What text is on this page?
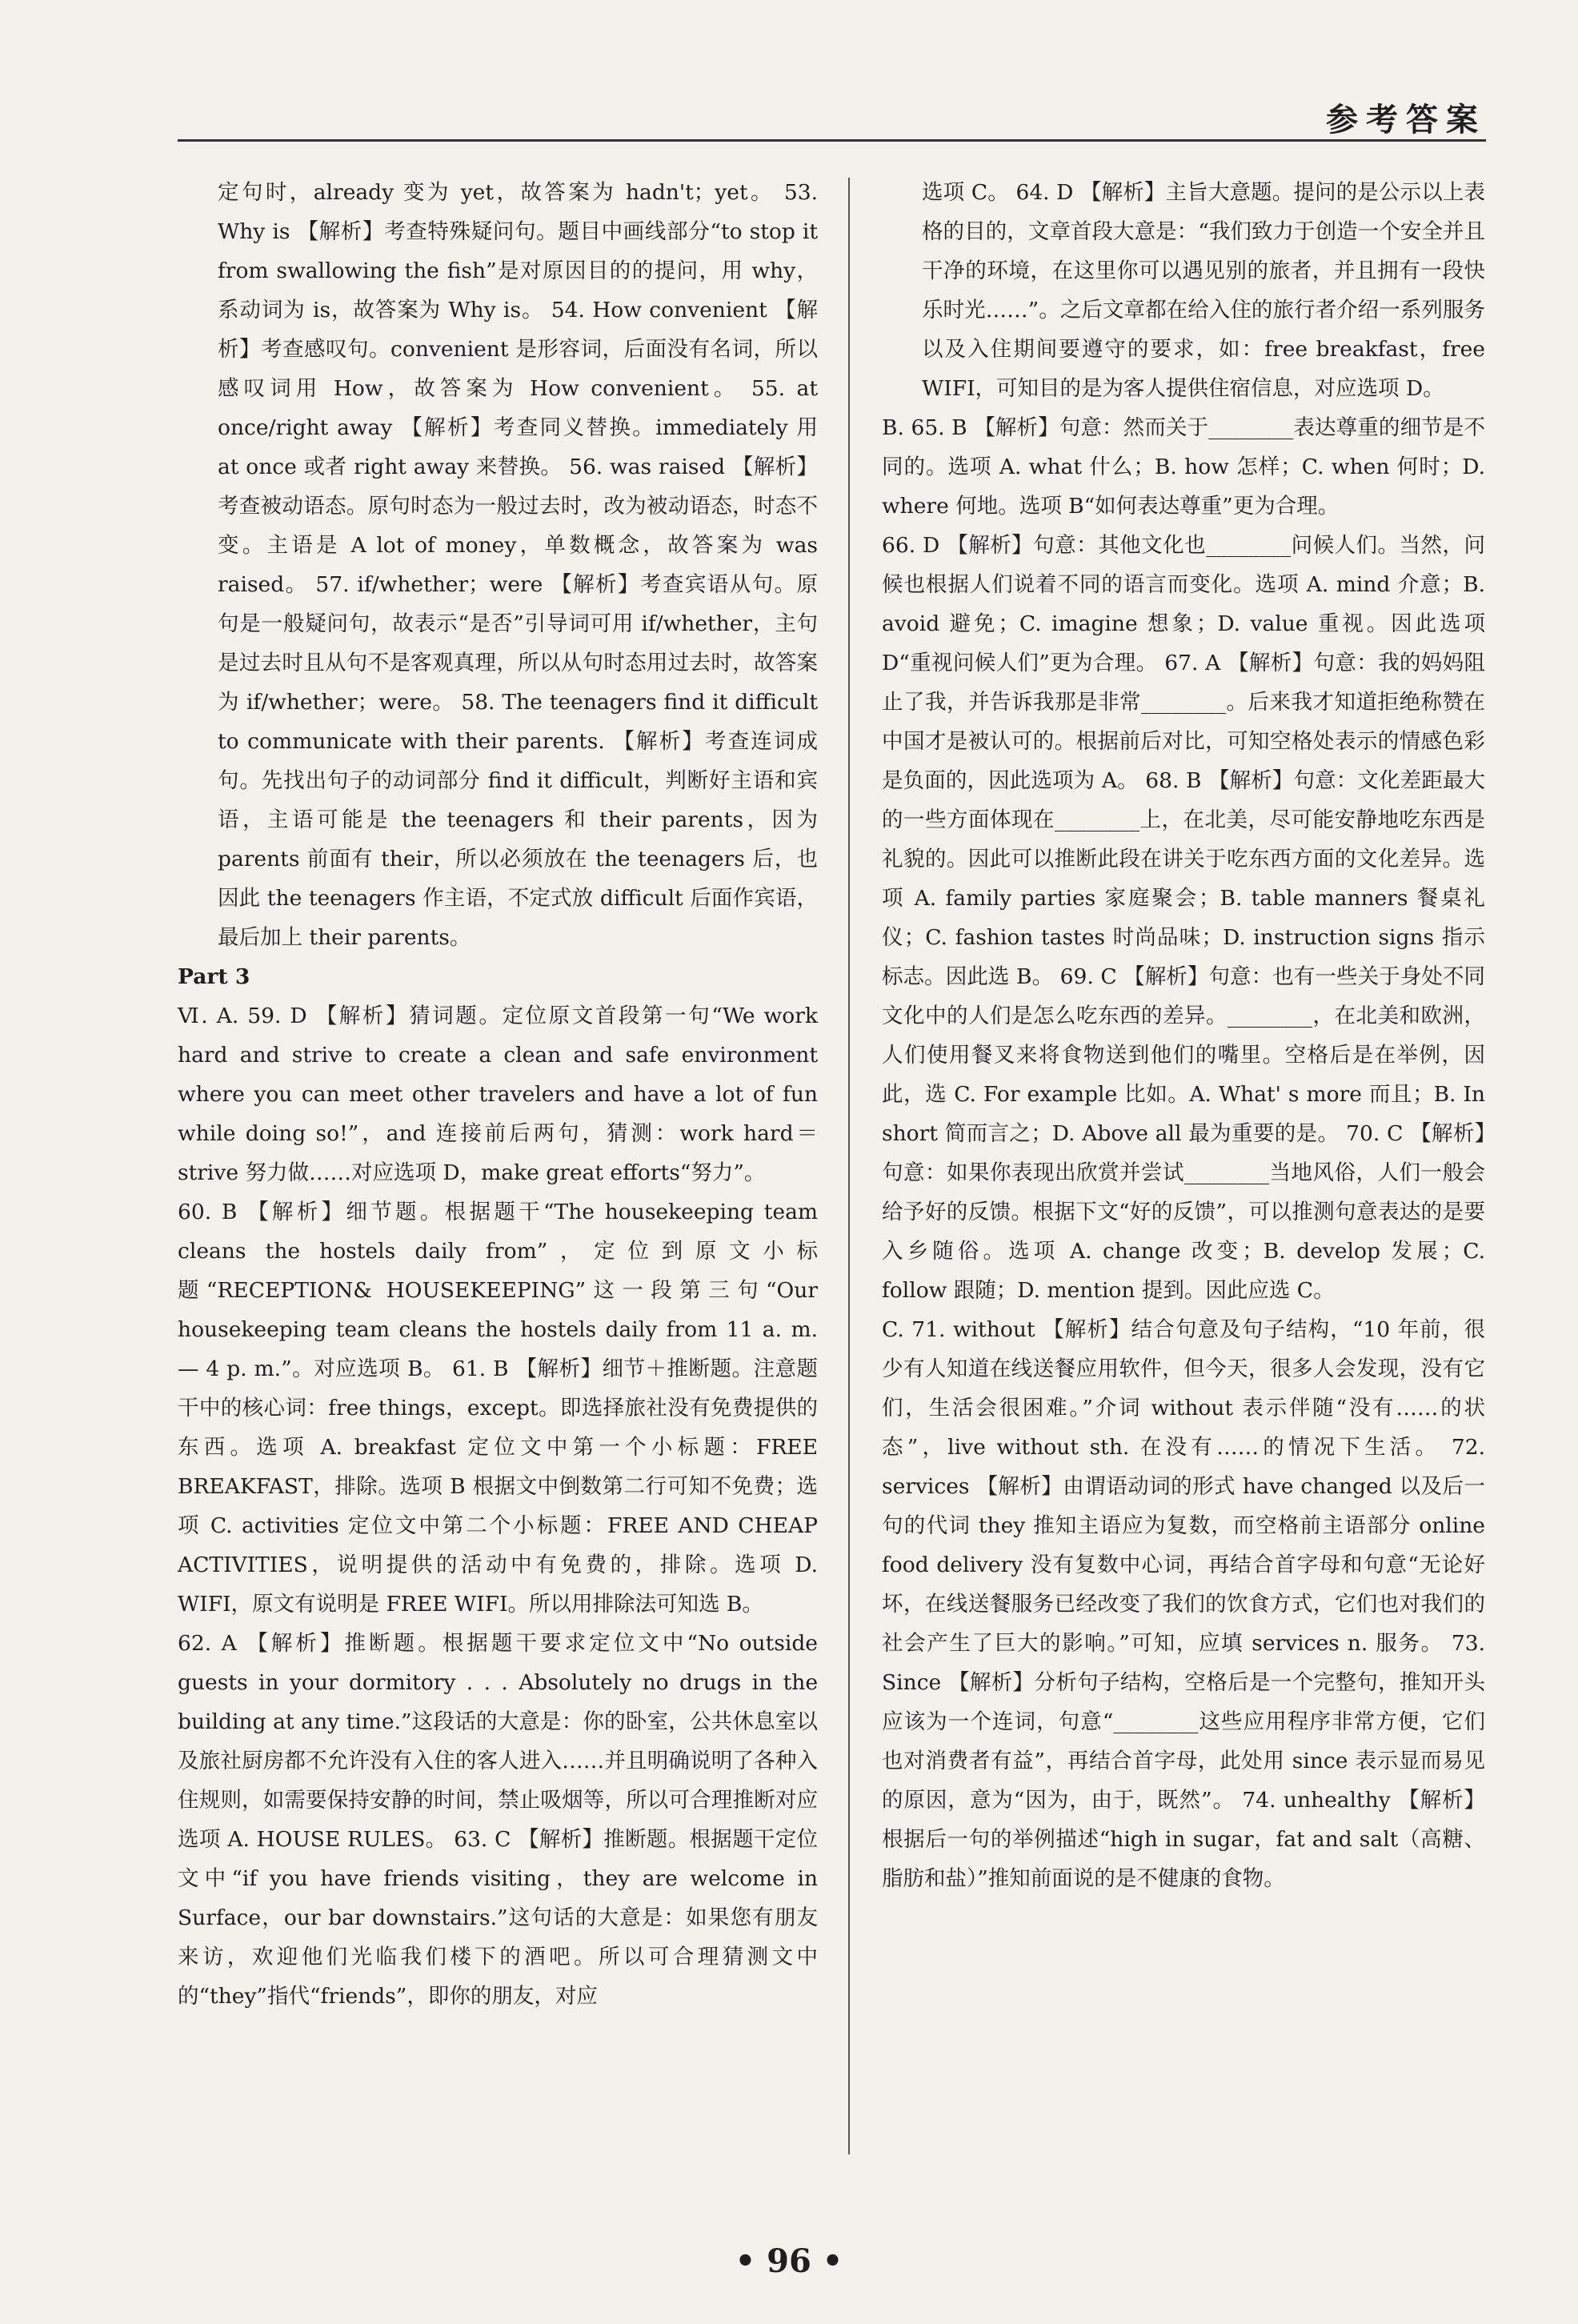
参考答案

定句时，already 变为 yet，故答案为 hadn't；yet。 53. Why is 【解析】考查特殊疑问句。题目中画线部分“to stop it from swallowing the fish”是对原因目的的提问，用 why，系动词为 is，故答案为 Why is。 54. How convenient 【解析】考查感叹句。convenient 是形容词，后面没有名词，所以感叹词用 How，故答案为 How convenient。 55. at once/right away 【解析】考查同义替换。immediately 用 at once 或者 right away 来替换。 56. was raised 【解析】考查被动语态。原句时态为一般过去时，改为被动语态，时态不变。主语是 A lot of money，单数概念，故答案为 was raised。 57. if/whether；were 【解析】考查宾语从句。原句是一般疑问句，故表示“是否”引导词可用 if/whether，主句是过去时且从句不是客观真理，所以从句时态用过去时，故答案为 if/whether；were。 58. The teenagers find it difficult to communicate with their parents. 【解析】考查连词成句。先找出句子的动词部分 find it difficult，判断好主语和宾语，主语可能是 the teenagers 和 their parents，因为 parents 前面有 their，所以必须放在 the teenagers 后，也因此 the teenagers 作主语，不定式放 difficult 后面作宾语，最后加上 their parents。

Part 3

Ⅵ. A. 59. D 【解析】猜词题。定位原文首段第一句“We work hard and strive to create a clean and safe environment where you can meet other travelers and have a lot of fun while doing so!”，and 连接前后两句，猜测：work hard＝strive 努力做……对应选项 D，make great efforts“努力”。

60. B 【解析】细节题。根据题干“The housekeeping team cleans the hostels daily from”，定位到原文小标题“RECEPTION& HOUSEKEEPING”这一段第三句“Our housekeeping team cleans the hostels daily from 11 a. m. — 4 p. m.”。对应选项 B。 61. B 【解析】细节＋推断题。注意题干中的核心词：free things，except。即选择旅社没有免费提供的东西。选项 A. breakfast 定位文中第一个小标题：FREE BREAKFAST，排除。选项 B 根据文中倒数第二行可知不免费；选项 C. activities 定位文中第二个小标题：FREE AND CHEAP ACTIVITIES，说明提供的活动中有免费的，排除。选项 D. WIFI，原文有说明是 FREE WIFI。所以用排除法可知选 B。

62. A 【解析】推断题。根据题干要求定位文中“No outside guests in your dormitory . . . Absolutely no drugs in the building at any time.”这段话的大意是：你的卧室，公共休息室以及旅社厨房都不允许没有入住的客人进入……并且明确说明了各种入住规则，如需要保持安静的时间，禁止吸烟等，所以可合理推断对应选项 A. HOUSE RULES。 63. C 【解析】推断题。根据题干定位文中“if you have friends visiting，they are welcome in Surface，our bar downstairs.”这句话的大意是：如果您有朋友来访，欢迎他们光临我们楼下的酒吧。所以可合理猜测文中的“they”指代“friends”，即你的朋友，对应

选项 C。 64. D 【解析】主旨大意题。提问的是公示以上表格的目的，文章首段大意是：“我们致力于创造一个安全并且干净的环境，在这里你可以遇见别的旅者，并且拥有一段快乐时光……”。之后文章都在给入住的旅行者介绍一系列服务以及入住期间要遵守的要求，如：free breakfast，free WIFI，可知目的是为客人提供住宿信息，对应选项 D。

B. 65. B 【解析】句意：然而关于________表达尊重的细节是不同的。选项 A. what 什么；B. how 怎样；C. when 何时；D. where 何地。选项 B“如何表达尊重”更为合理。

66. D 【解析】句意：其他文化也________问候人们。当然，问候也根据人们说着不同的语言而变化。选项 A. mind 介意；B. avoid 避免；C. imagine 想象；D. value 重视。因此选项 D“重视问候人们”更为合理。 67. A 【解析】句意：我的妈妈阻止了我，并告诉我那是非常________。后来我才知道拒绝称赞在中国才是被认可的。根据前后对比，可知空格处表示的情感色彩是负面的，因此选项为 A。 68. B 【解析】句意：文化差距最大的一些方面体现在________上，在北美，尽可能安静地吃东西是礼貌的。因此可以推断此段在讲关于吃东西方面的文化差异。选项 A. family parties 家庭聚会；B. table manners 餐桌礼仪；C. fashion tastes 时尚品味；D. instruction signs 指示标志。因此选 B。 69. C 【解析】句意：也有一些关于身处不同文化中的人们是怎么吃东西的差异。________，在北美和欧洲，人们使用餐叉来将食物送到他们的嘴里。空格后是在举例，因此，选 C. For example 比如。A. What' s more 而且；B. In short 简而言之；D. Above all 最为重要的是。 70. C 【解析】句意：如果你表现出欣赏并尝试________当地风俗，人们一般会给予好的反馈。根据下文“好的反馈”，可以推测句意表达的是要入乡随俗。选项 A. change 改变；B. develop 发展；C. follow 跟随；D. mention 提到。因此应选 C。

C. 71. without 【解析】结合句意及句子结构，“10 年前，很少有人知道在线送餐应用软件，但今天，很多人会发现，没有它们，生活会很困难。”介词 without 表示伴随“没有……的状态”，live without sth. 在没有……的情况下生活。 72. services 【解析】由谓语动词的形式 have changed 以及后一句的代词 they 推知主语应为复数，而空格前主语部分 online food delivery 没有复数中心词，再结合首字母和句意“无论好坏，在线送餐服务已经改变了我们的饮食方式，它们也对我们的社会产生了巨大的影响。”可知，应填 services n. 服务。 73. Since 【解析】分析句子结构，空格后是一个完整句，推知开头应该为一个连词，句意“________这些应用程序非常方便，它们也对消费者有益”，再结合首字母，此处用 since 表示显而易见的原因，意为“因为，由于，既然”。 74. unhealthy 【解析】根据后一句的举例描述“high in sugar，fat and salt（高糖、脂肪和盐）”推知前面说的是不健康的食物。

• 96 •
